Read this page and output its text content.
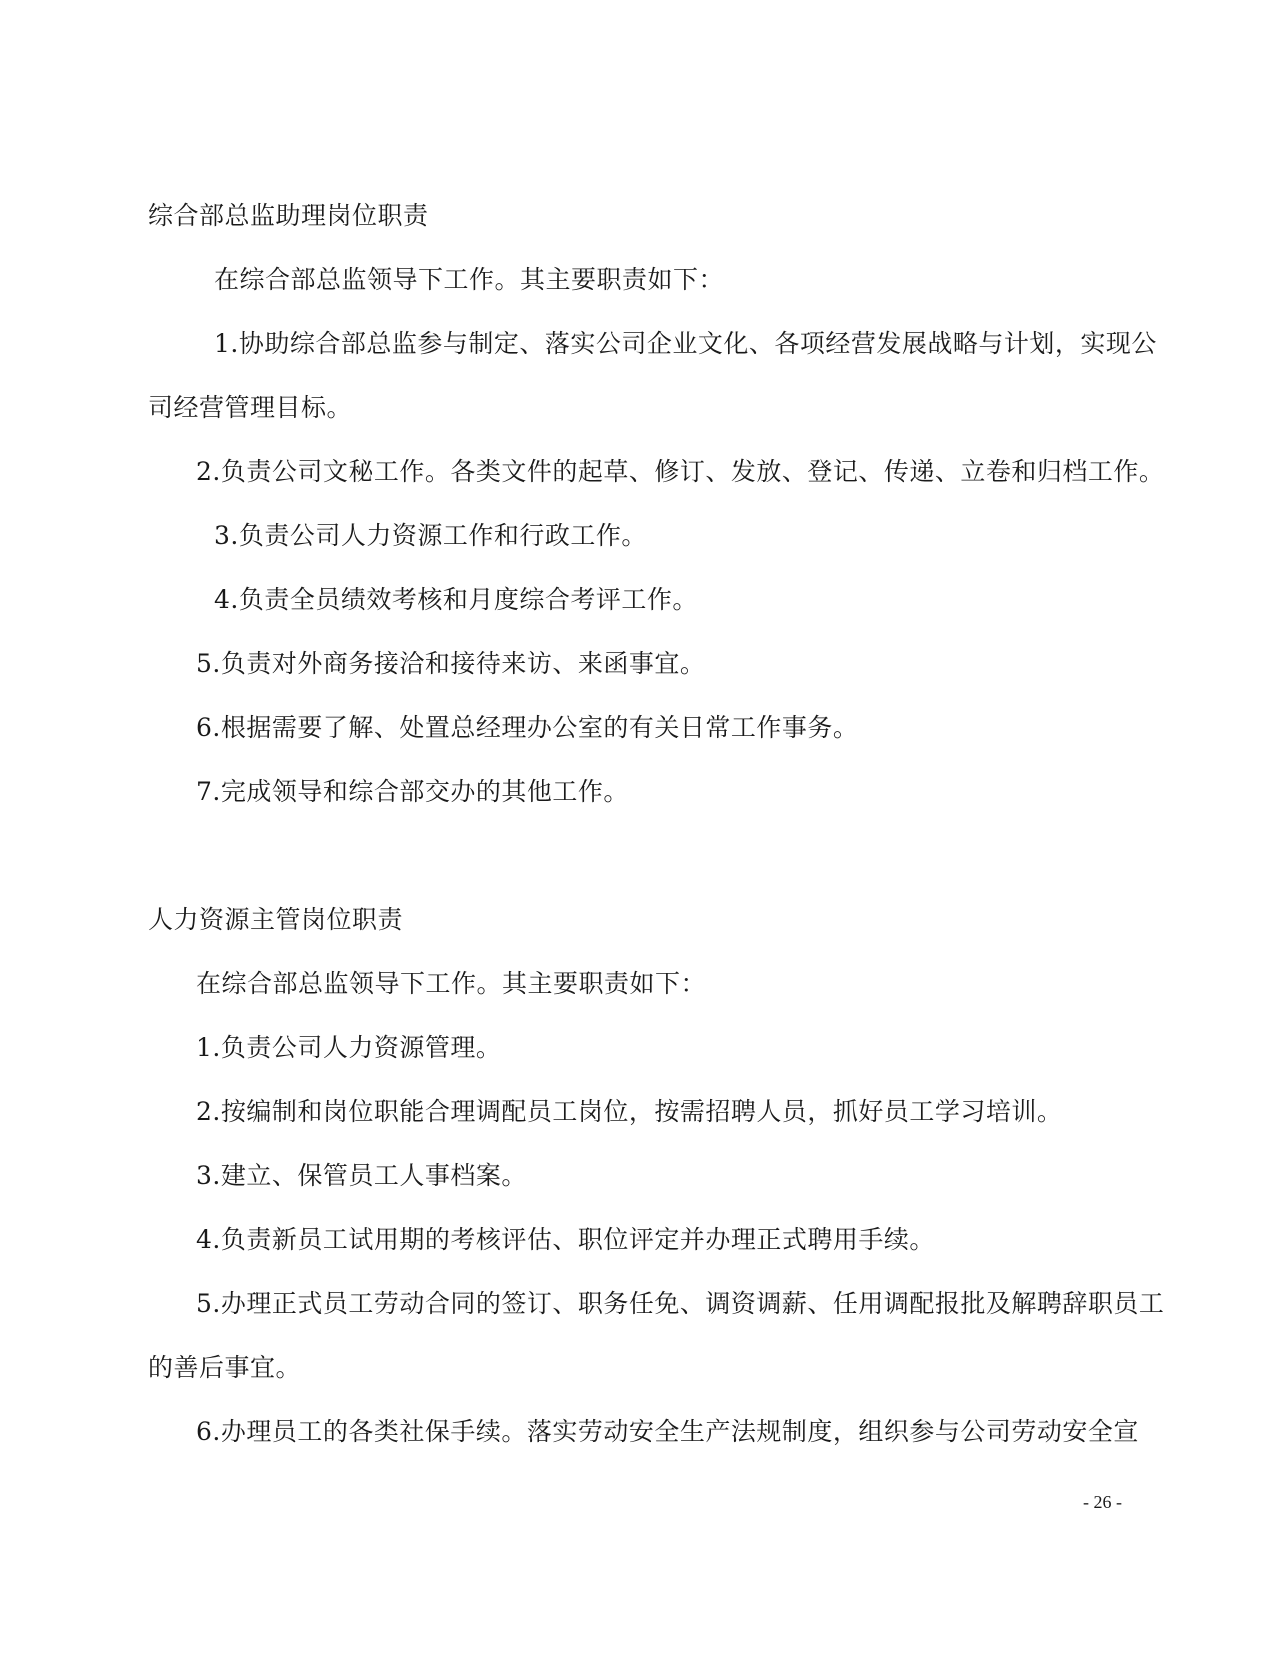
综合部总监助理岗位职责
在综合部总监领导下工作。其主要职责如下：
1.协助综合部总监参与制定、落实公司企业文化、各项经营发展战略与计划，实现公
司经营管理目标。
2.负责公司文秘工作。各类文件的起草、修订、发放、登记、传递、立卷和归档工作。
3.负责公司人力资源工作和行政工作。
4.负责全员绩效考核和月度综合考评工作。
5.负责对外商务接洽和接待来访、来函事宜。
6.根据需要了解、处置总经理办公室的有关日常工作事务。
7.完成领导和综合部交办的其他工作。
人力资源主管岗位职责
在综合部总监领导下工作。其主要职责如下：
1.负责公司人力资源管理。
2.按编制和岗位职能合理调配员工岗位，按需招聘人员，抓好员工学习培训。
3.建立、保管员工人事档案。
4.负责新员工试用期的考核评估、职位评定并办理正式聘用手续。
5.办理正式员工劳动合同的签订、职务任免、调资调薪、任用调配报批及解聘辞职员工
的善后事宜。
6.办理员工的各类社保手续。落实劳动安全生产法规制度，组织参与公司劳动安全宣
- 26 -
